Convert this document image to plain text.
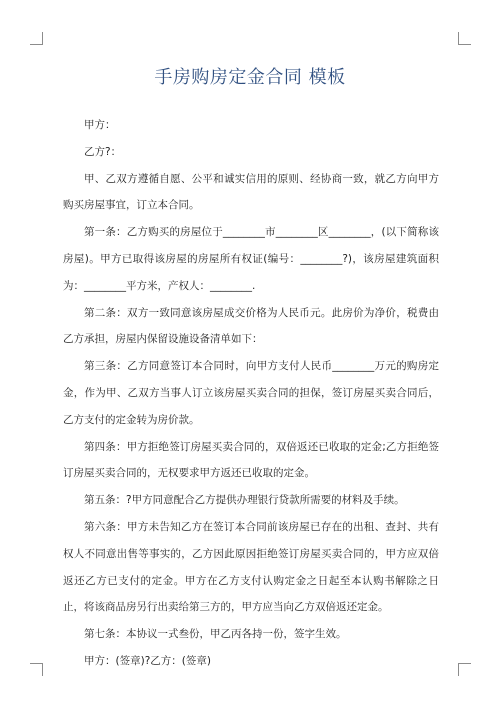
手房购房定金合同 模板

甲方：

乙方?：

甲、乙双方遵循自愿、公平和诚实信用的原则、经协商一致，就乙方向甲方购买房屋事宜，订立本合同。

第一条：乙方购买的房屋位于________市________区________，(以下简称该房屋)。甲方已取得该房屋的房屋所有权证(编号：________?)，该房屋建筑面积为：________平方米，产权人：________.

第二条：双方一致同意该房屋成交价格为人民币元。此房价为净价，税费由乙方承担，房屋内保留设施设备清单如下：

第三条：乙方同意签订本合同时，向甲方支付人民币________万元的购房定金，作为甲、乙双方当事人订立该房屋买卖合同的担保，签订房屋买卖合同后，乙方支付的定金转为房价款。

第四条：甲方拒绝签订房屋买卖合同的，双倍返还已收取的定金;乙方拒绝签订房屋买卖合同的，无权要求甲方返还已收取的定金。

第五条：?甲方同意配合乙方提供办理银行贷款所需要的材料及手续。

第六条：甲方未告知乙方在签订本合同前该房屋已存在的出租、查封、共有权人不同意出售等事实的，乙方因此原因拒绝签订房屋买卖合同的，甲方应双倍返还乙方已支付的定金。甲方在乙方支付认购定金之日起至本认购书解除之日止，将该商品房另行出卖给第三方的，甲方应当向乙方双倍返还定金。

第七条：本协议一式叁份，甲乙丙各持一份，签字生效。

甲方：(签章)?乙方：(签章)
